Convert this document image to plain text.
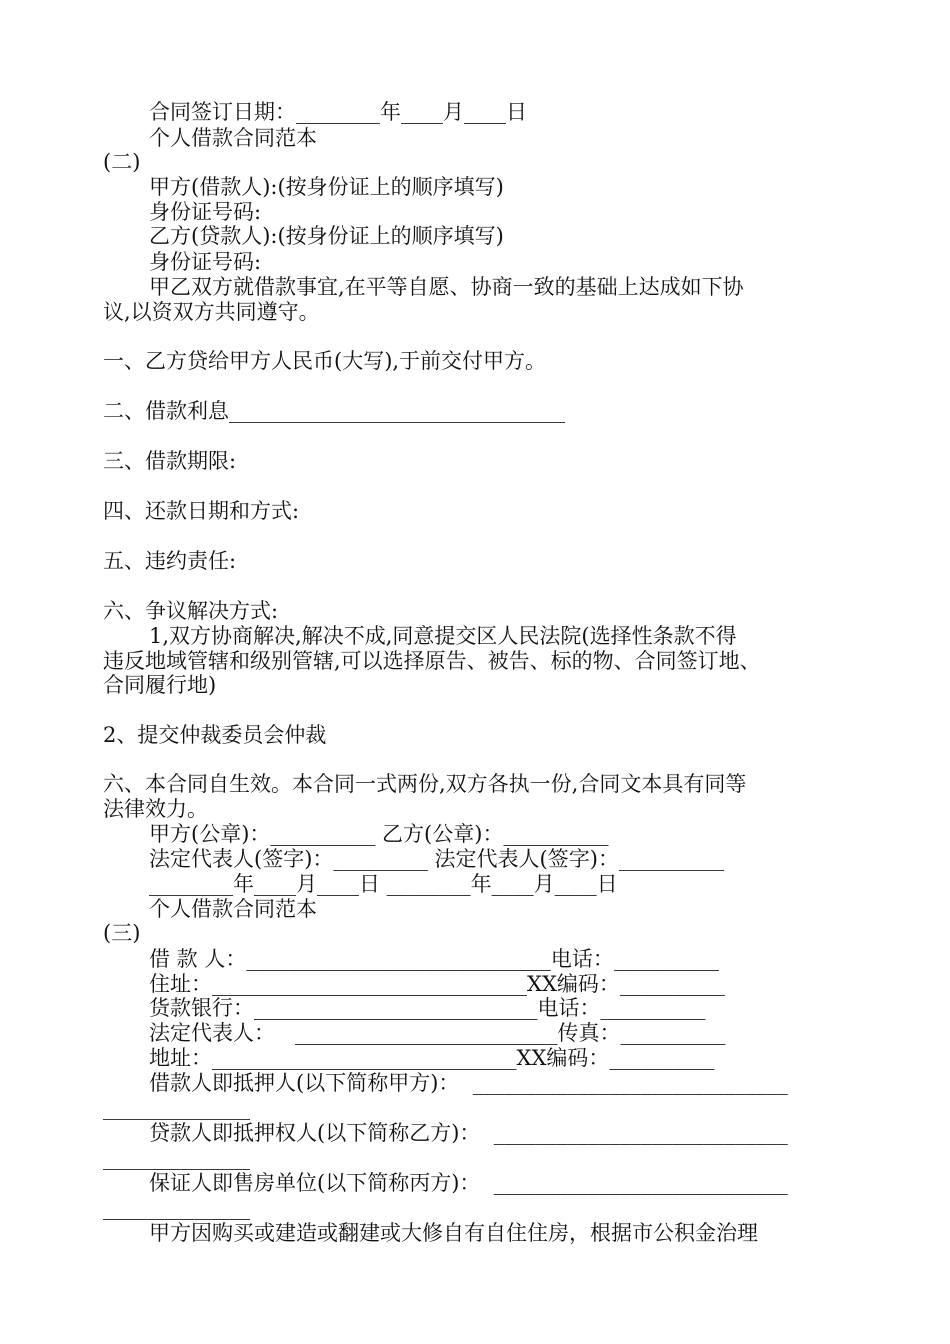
合同签订日期：________年____月____日
个人借款合同范本
(二)
甲方(借款人):(按身份证上的顺序填写)
身份证号码:
乙方(贷款人):(按身份证上的顺序填写)
身份证号码:
甲乙双方就借款事宜,在平等自愿、协商一致的基础上达成如下协
议,以资双方共同遵守。
一、乙方贷给甲方人民币(大写),于前交付甲方。
二、借款利息________________________________
三、借款期限:
四、还款日期和方式:
五、违约责任:
六、争议解决方式:
1,双方协商解决,解决不成,同意提交区人民法院(选择性条款不得
违反地域管辖和级别管辖,可以选择原告、被告、标的物、合同签订地、
合同履行地)
2、提交仲裁委员会仲裁
六、本合同自生效。本合同一式两份,双方各执一份,合同文本具有同等
法律效力。
甲方(公章)：__________ 乙方(公章)：__________
法定代表人(签字)：_________ 法定代表人(签字)：__________
________年____月____日 ________年____月____日
个人借款合同范本
(三)
借 款 人：_____________________________电话：__________
住址：______________________________XX编码：__________
货款银行：___________________________电话：__________
法定代表人：   _________________________传真：__________
地址：_____________________________XX编码：__________
借款人即抵押人(以下简称甲方)：  ______________________________
______________
贷款人即抵押权人(以下简称乙方)：  ____________________________
______________
保证人即售房单位(以下简称丙方)：  ____________________________
______________
甲方因购买或建造或翻建或大修自有自住住房，根据市公积金治理
